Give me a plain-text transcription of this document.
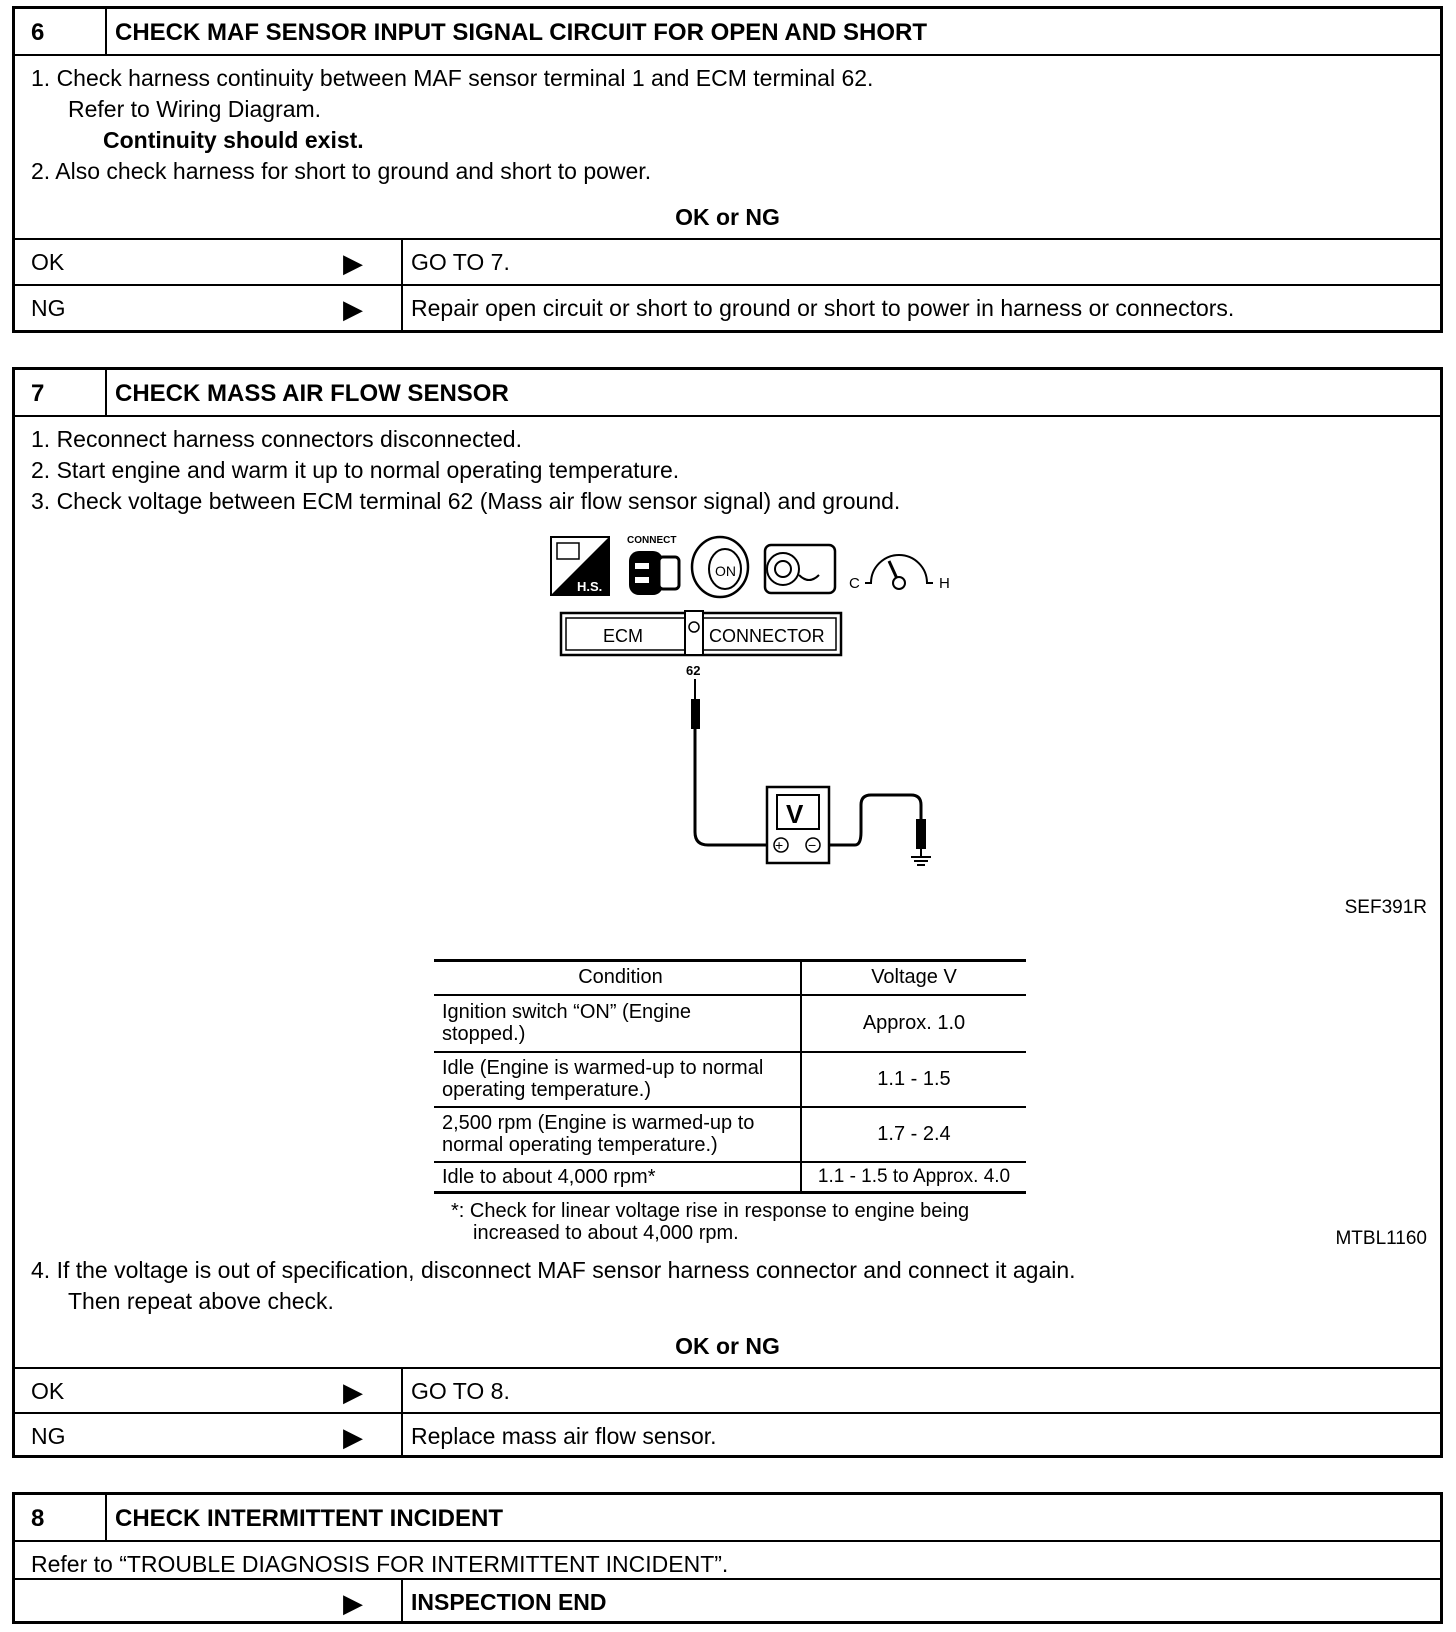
6	CHECK MAF SENSOR INPUT SIGNAL CIRCUIT FOR OPEN AND SHORT
1. Check harness continuity between MAF sensor terminal 1 and ECM terminal 62.
Refer to Wiring Diagram.
Continuity should exist.
2. Also check harness for short to ground and short to power.
OK or NG
OK	▶	GO TO 7.
NG	▶	Repair open circuit or short to ground or short to power in harness or connectors.
7	CHECK MASS AIR FLOW SENSOR
1. Reconnect harness connectors disconnected.
2. Start engine and warm it up to normal operating temperature.
3. Check voltage between ECM terminal 62 (Mass air flow sensor signal) and ground.
H.S.
CONNECT
ON
C	H
ECM	CONNECTOR
62
V
+ −
SEF391R
Condition	Voltage V

Ignition switch “ON” (Engine
stopped.)	Approx. 1.0

Idle (Engine is warmed-up to normal
operating temperature.)	1.1 - 1.5

2,500 rpm (Engine is warmed-up to
normal operating temperature.)	1.7 - 2.4

Idle to about 4,000 rpm*	1.1 - 1.5 to Approx. 4.0
*: Check for linear voltage rise in response to engine being
increased to about 4,000 rpm.	MTBL1160
4. If the voltage is out of specification, disconnect MAF sensor harness connector and connect it again.
Then repeat above check.
OK or NG
OK	▶	GO TO 8.
NG	▶	Replace mass air flow sensor.
8	CHECK INTERMITTENT INCIDENT
Refer to “TROUBLE DIAGNOSIS FOR INTERMITTENT INCIDENT”.
▶	INSPECTION END
